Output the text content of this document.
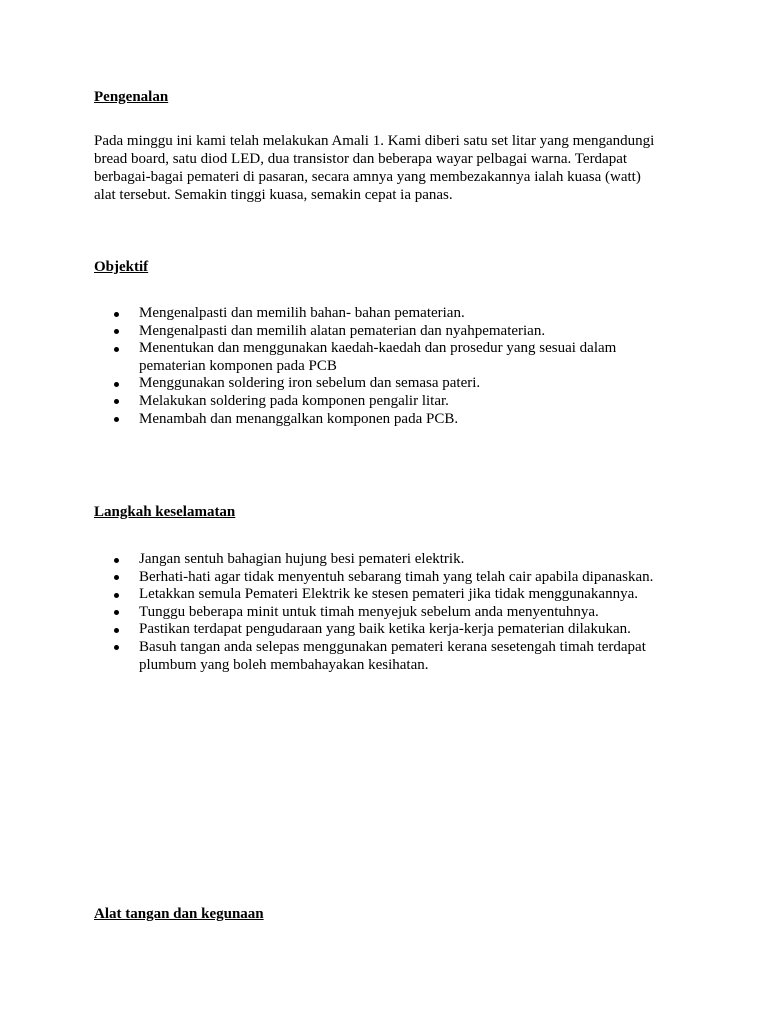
Pengenalan
Pada minggu ini kami telah melakukan Amali 1. Kami diberi satu set litar yang mengandungi
bread board, satu diod LED, dua transistor dan beberapa wayar pelbagai warna. Terdapat
berbagai-bagai pemateri di pasaran, secara amnya yang membezakannya ialah kuasa (watt)
alat tersebut. Semakin tinggi kuasa, semakin cepat ia panas.
Objektif
Mengenalpasti dan memilih bahan- bahan pematerian.
Mengenalpasti dan memilih alatan pematerian dan nyahpematerian.
Menentukan dan menggunakan kaedah-kaedah dan prosedur yang sesuai dalam
pematerian komponen pada PCB
Menggunakan soldering iron sebelum dan semasa pateri.
Melakukan soldering pada komponen pengalir litar.
Menambah dan menanggalkan komponen pada PCB.
Langkah keselamatan
Jangan sentuh bahagian hujung besi pemateri elektrik.
Berhati-hati agar tidak menyentuh sebarang timah yang telah cair apabila dipanaskan.
Letakkan semula Pemateri Elektrik ke stesen pemateri jika tidak menggunakannya.
Tunggu beberapa minit untuk timah menyejuk sebelum anda menyentuhnya.
Pastikan terdapat pengudaraan yang baik ketika kerja-kerja pematerian dilakukan.
Basuh tangan anda selepas menggunakan pemateri kerana sesetengah timah terdapat
plumbum yang boleh membahayakan kesihatan.
Alat tangan dan kegunaan
